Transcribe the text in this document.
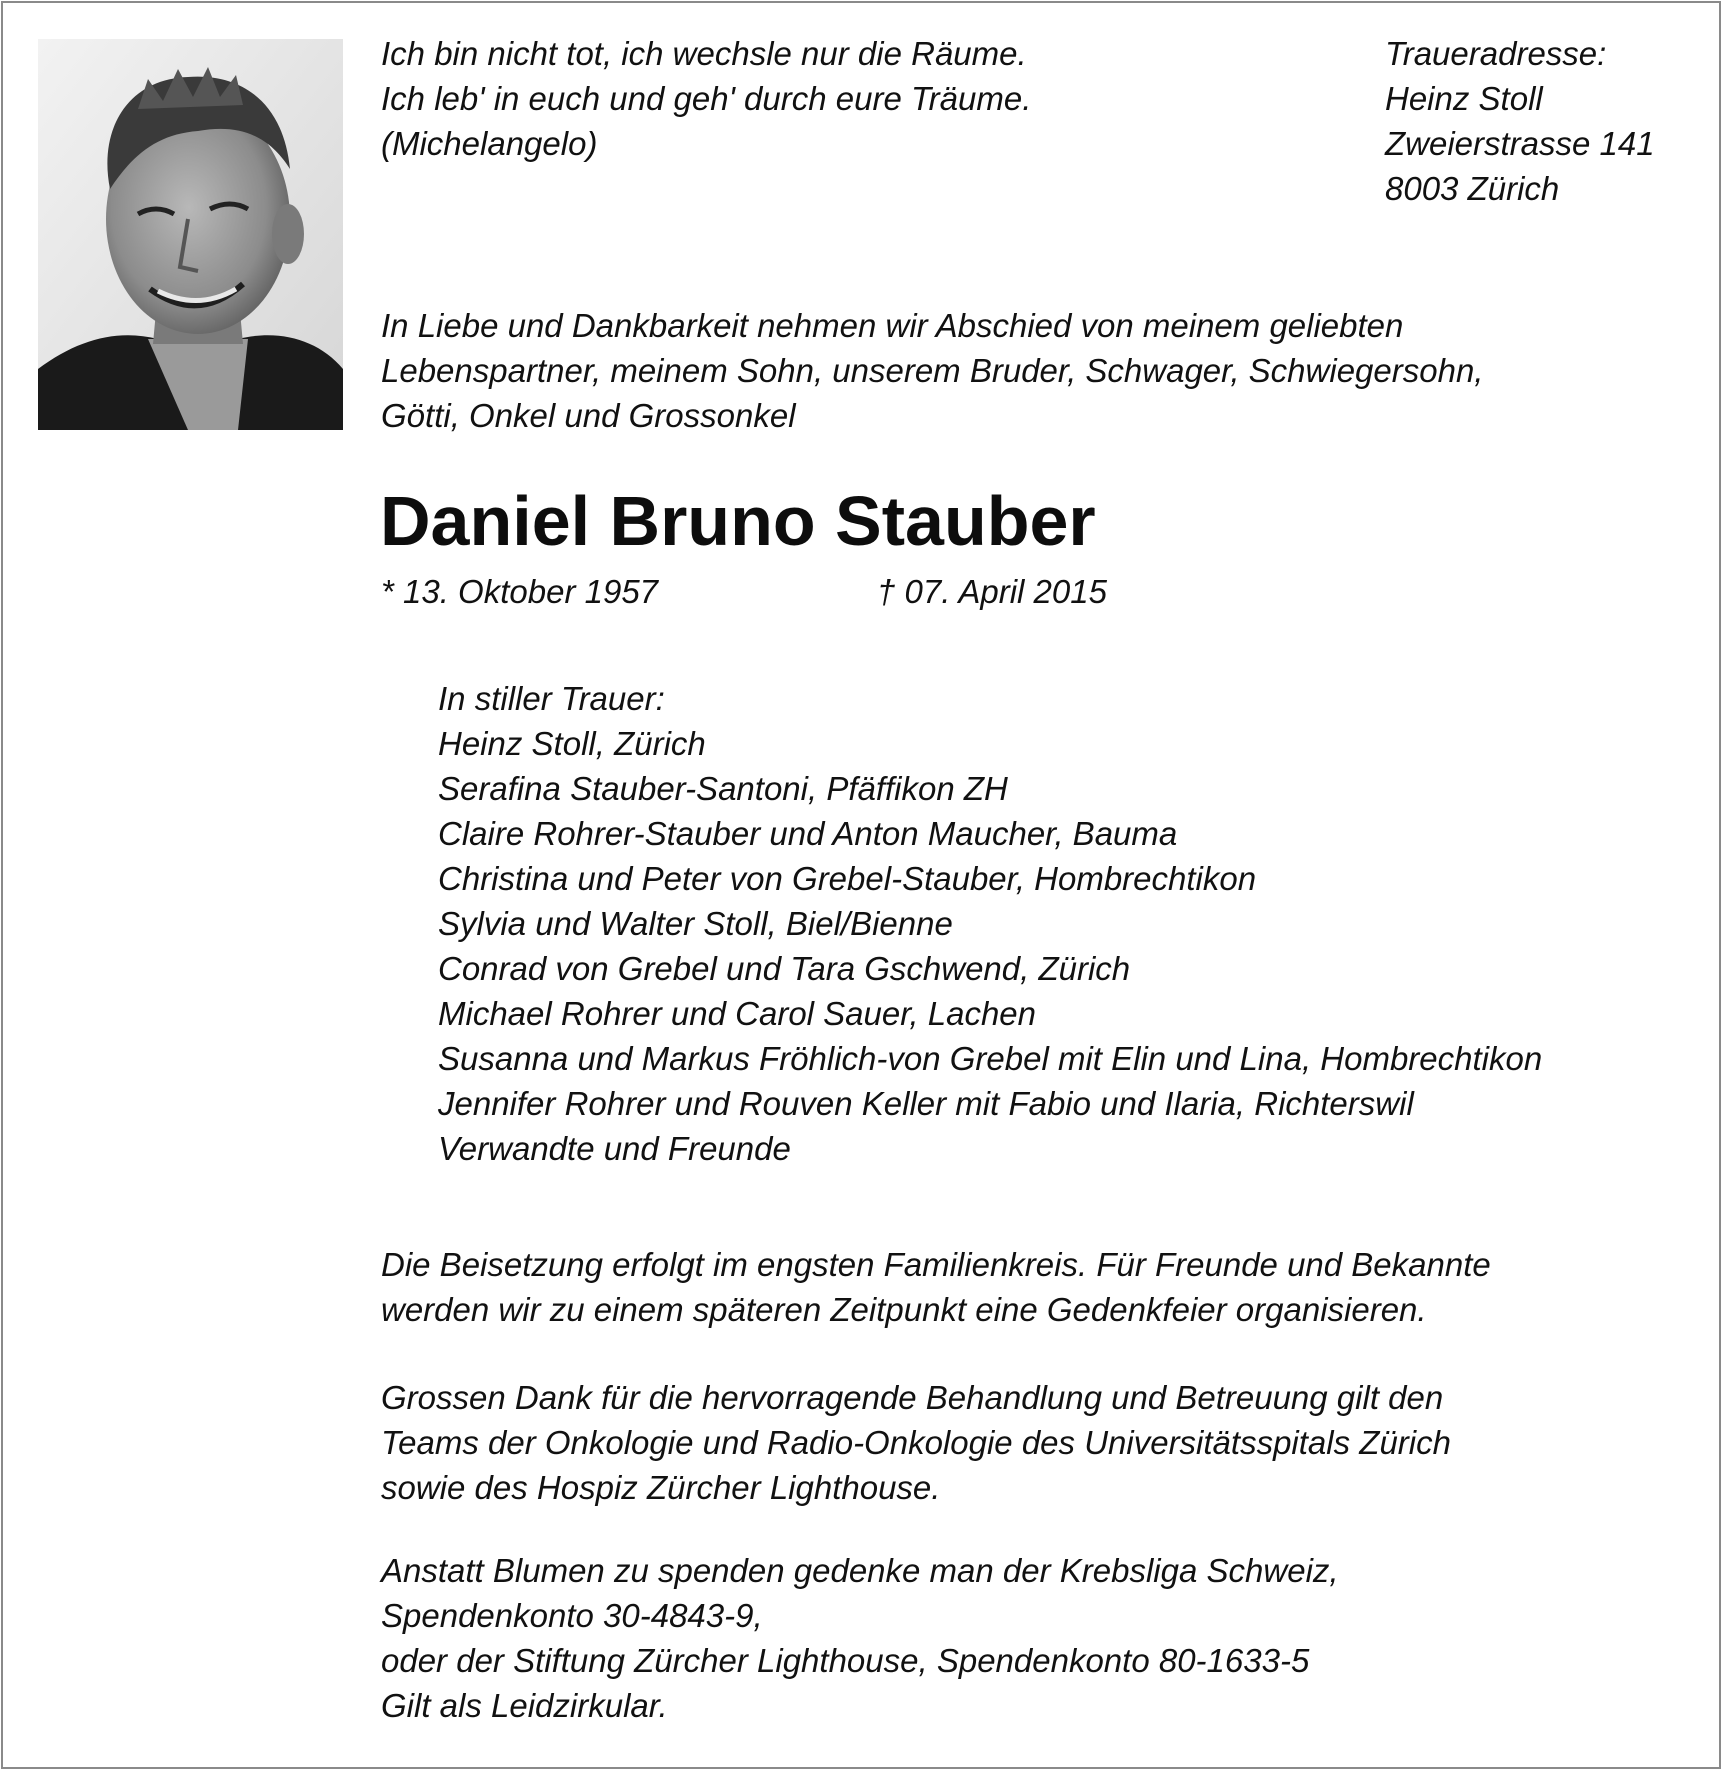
Ich bin nicht tot, ich wechsle nur die Räume.
Ich leb' in euch und geh' durch eure Träume.
(Michelangelo)
Traueradresse:
Heinz Stoll
Zweierstrasse 141
8003 Zürich
In Liebe und Dankbarkeit nehmen wir Abschied von meinem geliebten
Lebenspartner, meinem Sohn, unserem Bruder, Schwager, Schwiegersohn,
Götti, Onkel und Grossonkel
Daniel Bruno Stauber
* 13. Oktober 1957	† 07. April 2015
In stiller Trauer:
Heinz Stoll, Zürich
Serafina Stauber-Santoni, Pfäffikon ZH
Claire Rohrer-Stauber und Anton Maucher, Bauma
Christina und Peter von Grebel-Stauber, Hombrechtikon
Sylvia und Walter Stoll, Biel/Bienne
Conrad von Grebel und Tara Gschwend, Zürich
Michael Rohrer und Carol Sauer, Lachen
Susanna und Markus Fröhlich-von Grebel mit Elin und Lina, Hombrechtikon
Jennifer Rohrer und Rouven Keller mit Fabio und Ilaria, Richterswil
Verwandte und Freunde
Die Beisetzung erfolgt im engsten Familienkreis. Für Freunde und Bekannte
werden wir zu einem späteren Zeitpunkt eine Gedenkfeier organisieren.
Grossen Dank für die hervorragende Behandlung und Betreuung gilt den
Teams der Onkologie und Radio-Onkologie des Universitätsspitals Zürich
sowie des Hospiz Zürcher Lighthouse.
Anstatt Blumen zu spenden gedenke man der Krebsliga Schweiz,
Spendenkonto 30-4843-9,
oder der Stiftung Zürcher Lighthouse, Spendenkonto 80-1633-5
Gilt als Leidzirkular.
